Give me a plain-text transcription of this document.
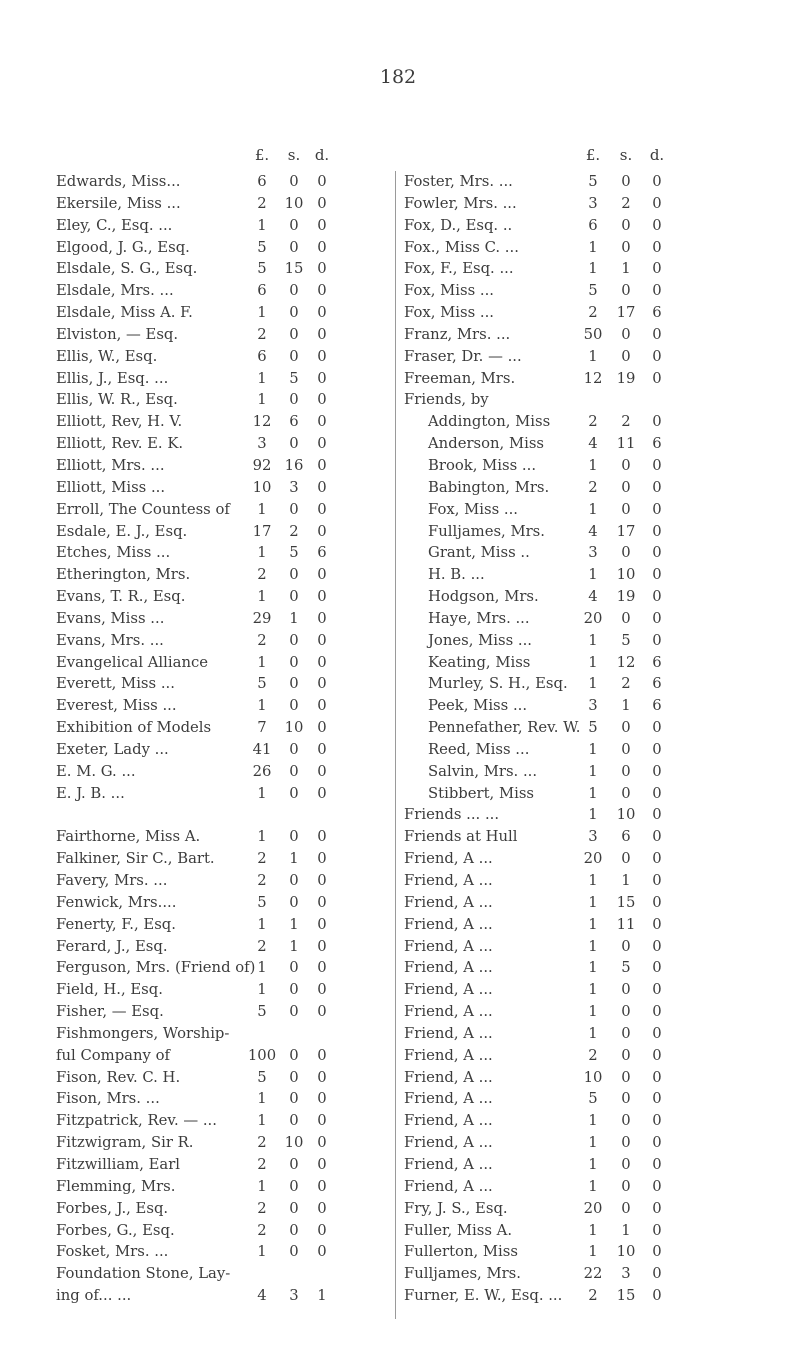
182
£.	s. d.	£.	s.	d.
Edwards, Miss...	6	0	0
Ekersile, Miss ...	2	10 0
Eley, C., Esq. ...	1	0	0
Elgood, J. G., Esq.	5	0	0
Elsdale, S. G., Esq.	5	15 0
Elsdale, Mrs. ...	6	0	0
Elsdale, Miss A. F.	1	0	0
Elviston, — Esq.	2	0	0
Ellis, W., Esq.	6	0	0
Ellis, J., Esq. ...	1	5	0
Ellis, W. R., Esq.	1	0	0
Elliott, Rev, H. V.	12	6	0
Elliott, Rev. E. K.	3	0	0
Elliott, Mrs. ...	92 16 0
Elliott, Miss ...	10	3	0
Erroll, The Countess of	1	0	0
Esdale, E. J., Esq.	17	2	0
Etches, Miss ...	1	5	6
Etherington, Mrs.	2	0	0
Evans, T. R., Esq.	1	0	0
Evans, Miss ...	29	1	0
Evans, Mrs. ...	2	0	0
Evangelical Alliance	1	0	0
Everett, Miss ...	5	0	0
Everest, Miss ...	1	0	0
Exhibition of Models	7	10 0
Exeter, Lady ...	41	0	0
E. M. G. ...	26	0	0
E. J. B. ...	1	0	0
Fairthorne, Miss A.	1	0	0
Falkiner, Sir C., Bart.	2	1	0
Favery, Mrs. ...	2	0	0
Fenwick, Mrs....	5	0	0
Fenerty, F., Esq.	1	1	0
Ferard, J., Esq.	2	1	0
Ferguson, Mrs. (Friend of) 1	0	0
Field, H., Esq.	1	0	0
Fisher, — Esq.	5	0	0
Fishmongers, Worship-
ful Company of	100 0	0
Fison, Rev. C. H.	5	0	0
Fison, Mrs. ...	1	0	0
Fitzpatrick, Rev. — ...	1	0	0
Fitzwigram, Sir R.	2	10 0
Fitzwilliam, Earl	2	0	0
Flemming, Mrs.	1	0	0
Forbes, J., Esq.	2	0	0
Forbes, G., Esq.	2	0	0
Fosket, Mrs. ...	1	0	0
Foundation Stone, Lay-
ing of... ...	4	3	1
Foster, Mrs. ...	5	0	0
Fowler, Mrs. ...	3	2	0
Fox, D., Esq. ..	6	0	0
Fox., Miss C. ...	1	0	0
Fox, F., Esq. ...	1	1	0
Fox, Miss ...	5	0	0
Fox, Miss ...	2	17	6
Franz, Mrs. ...	50	0	0
Fraser, Dr. — ...	1	0	0
Freeman, Mrs.	12 19	0
Friends, by
Addington, Miss	2	2	0
Anderson, Miss	4	11	6
Brook, Miss ...	1	0	0
Babington, Mrs.	2	0	0
Fox, Miss ...	1	0	0
Fulljames, Mrs.	4	17	0
Grant, Miss ..	3	0	0
H. B. ...	1	10	0
Hodgson, Mrs.	4	19	0
Haye, Mrs. ...	20	0	0
Jones, Miss ...	1	5	0
Keating, Miss	1	12	6
Murley, S. H., Esq.	1	2	6
Peek, Miss ...	3	1	6
Pennefather, Rev. W. 5	0	0
Reed, Miss ...	1	0	0
Salvin, Mrs. ...	1	0	0
Stibbert, Miss	1	0	0
Friends ... ...	1	10	0
Friends at Hull	3	6	0
Friend, A ...	20	0	0
Friend, A ...	1	1	0
Friend, A ...	1	15	0
Friend, A ...	1	11	0
Friend, A ...	1	0	0
Friend, A ...	1	5	0
Friend, A ...	1	0	0
Friend, A ...	1	0	0
Friend, A ...	1	0	0
Friend, A ...	2	0	0
Friend, A ...	10	0	0
Friend, A ...	5	0	0
Friend, A ...	1	0	0
Friend, A ...	1	0	0
Friend, A ...	1	0	0
Friend, A ...	1	0	0
Fry, J. S., Esq.	20	0	0
Fuller, Miss A.	1	1	0
Fullerton, Miss	1	10	0
Fulljames, Mrs.	22	3	0
Furner, E. W., Esq. ...	2	15	0
